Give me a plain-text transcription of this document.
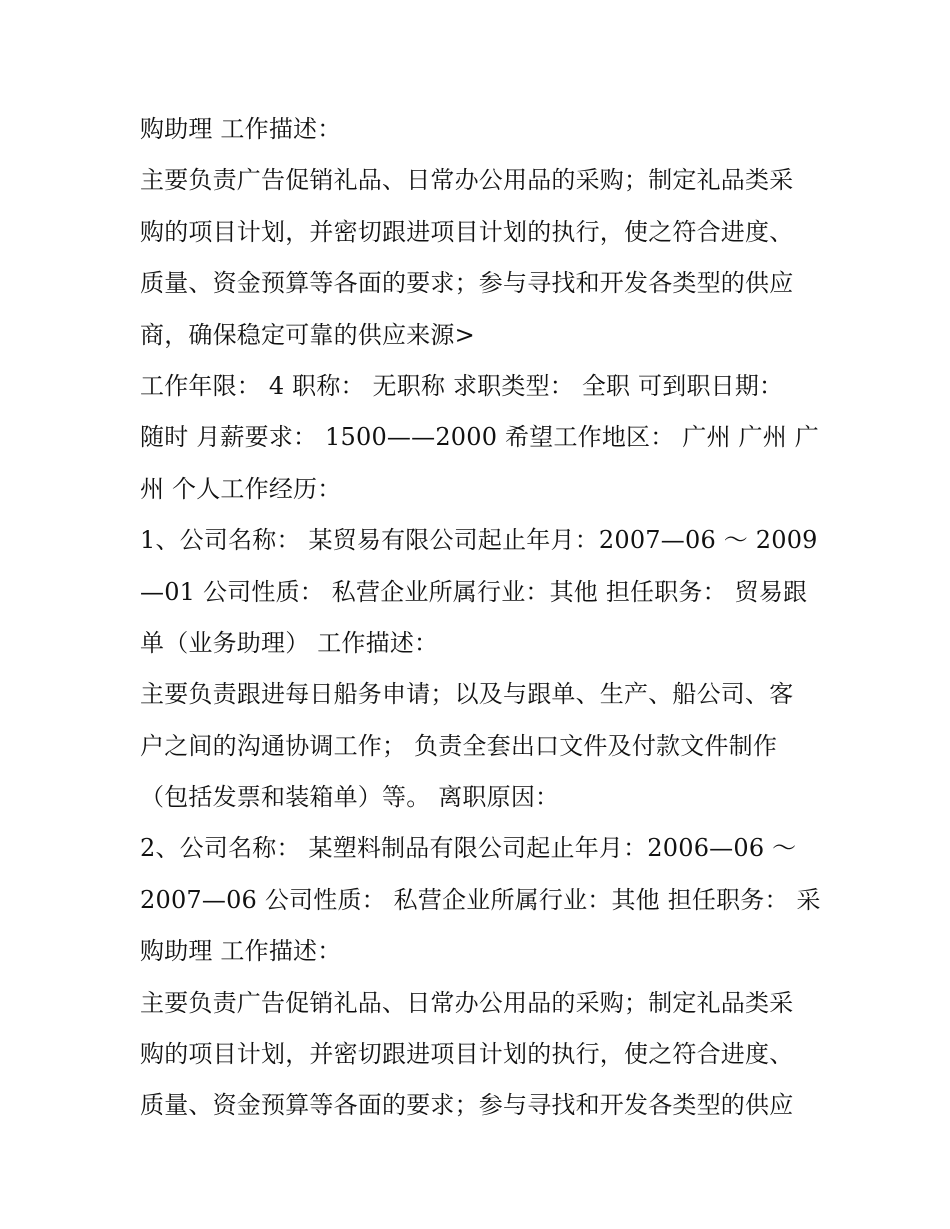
购助理 工作描述：
主要负责广告促销礼品、日常办公用品的采购；制定礼品类采
购的项目计划，并密切跟进项目计划的执行，使之符合进度、
质量、资金预算等各面的要求；参与寻找和开发各类型的供应
商，确保稳定可靠的供应来源>
工作年限： 4 职称： 无职称 求职类型： 全职 可到职日期：
随时 月薪要求： 1500——2000 希望工作地区： 广州 广州 广
州 个人工作经历：
1、公司名称： 某贸易有限公司起止年月：2007—06 ～ 2009
—01 公司性质： 私营企业所属行业：其他 担任职务： 贸易跟
单（业务助理） 工作描述：
主要负责跟进每日船务申请；以及与跟单、生产、船公司、客
户之间的沟通协调工作； 负责全套出口文件及付款文件制作
（包括发票和装箱单）等。 离职原因：
2、公司名称： 某塑料制品有限公司起止年月：2006—06 ～
2007—06 公司性质： 私营企业所属行业：其他 担任职务： 采
购助理 工作描述：
主要负责广告促销礼品、日常办公用品的采购；制定礼品类采
购的项目计划，并密切跟进项目计划的执行，使之符合进度、
质量、资金预算等各面的要求；参与寻找和开发各类型的供应
